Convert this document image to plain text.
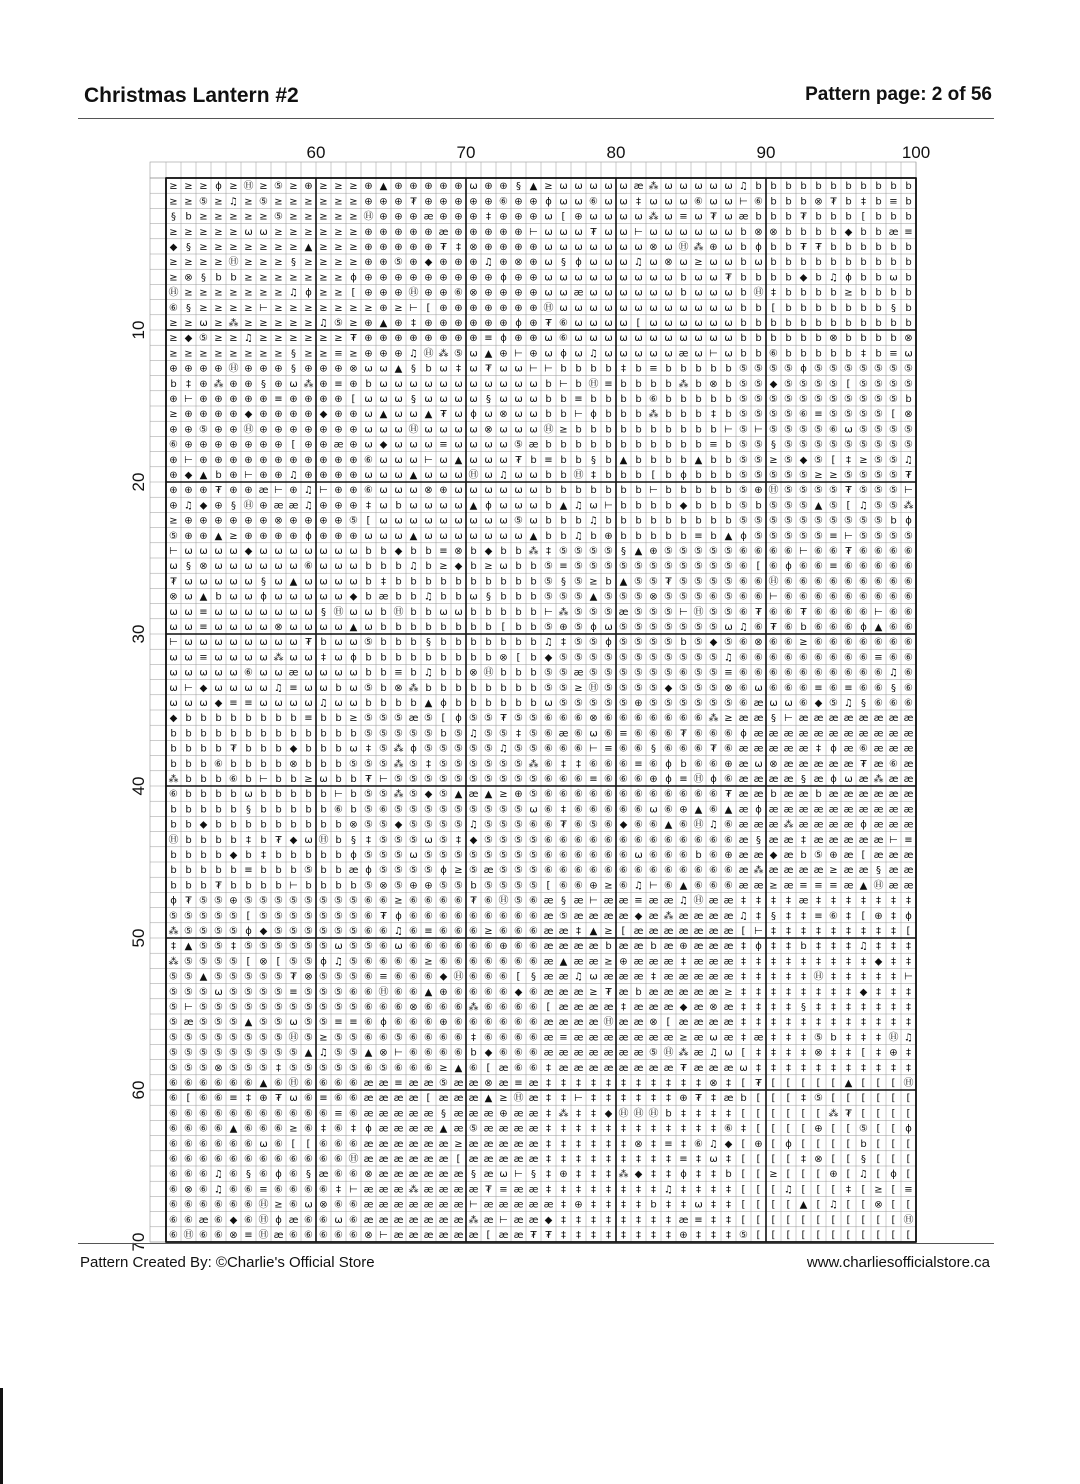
Christmas Lantern #2	Pattern page: 2 of 56
≥ ≥ ≥ ɸ ≥ Ⓗ ≥ ⑤ ≥ ⊕ ≥ ≥ ≥ ⊕ ▲ ⊕ ⊕ ⊕ ⊕ ⊕ ω ⊕ ⊕ § ▲ ≥ ω ω ω ω ω æ ⁂ ω ω ω ω ω ♫ b b b b b b b b b b b
≥ ≥ ⑤ ≥ ♫ ≥ ⑤ ≥ ≥ ≥ ≥ ≥ ≥ ⊕ ⊕ ⊕ ₮ ⊕ ⊕ ⊕ ⊕ ⊕ ⑥ ⊕ ⊕ ɸ ω ω ⑥ ω ω ‡ ω ω ω ⑥ ω ω ⊢ ⑥ b b b ⊗ ₮ b ‡ b ≡ b
§ b ≥ ≥ ≥ ≥ ≥ ⑤ ≥ ≥ ≥ ≥ ≥ Ⓗ ⊕ ⊕ ⊕ æ ⊕ ⊕ ⊕ ‡ ⊕ ⊕ ⊕ ω [ ⊕ ω ω ω ω ⁂ ω ≡ ω ₮ ω æ b b b ₮ b b b [ b b b
≥ ≥ ≥ ≥ ≥ ω ω ≥ ≥ ≥ ≥ ≥ ≥ ⊕ ⊕ ⊕ ⊕ ⊕ æ ⊕ ⊕ ⊕ ⊕ ⊕ ⊢ ω ω ω ₮ ω ω ⊢ ω ω ω ω ω ω b ⊗ ⊗ b b b b ◆ b b æ ≡
◆ § ≥ ≥ ≥ ≥ ≥ ≥ ≥ ▲ ≥ ≥ ≥ ⊕ ⊕ ⊕ ⊕ ⊕ ₮ ‡ ⊗ ⊕ ⊕ ⊕ ⊕ ω ω ω ω ω ω ω ⊗ ω Ⓗ ⁂ ⊕ ω b ɸ b b ₮ ₮ b b b b b b
≥ ≥ ≥ ≥ Ⓗ ≥ ≥ ≥ § ≥ ≥ ≥ ≥ ⊕ ⊕ ⑤ ⊕ ◆ ⊕ ⊕ ⊕ ♫ ⊕ ⊗ ⊕ ω § ɸ ω ω ω ♫ ω ⊗ ω ≥ ω ω b ω b b b b b b b b b b
≥ ⊗ § b b ≥ ≥ ≥ ≥ ≥ ≥ ≥ ɸ ⊕ ⊕ ⊕ ⊕ ⊕ ⊕ ⊕ ⊕ ⊕ ɸ ⊕ ⊕ ω ω ω ω ω ω ω ω ω b ω ω ₮ b b b b ◆ b ♫ ɸ b b ω b
Ⓗ ≥ ≥ ≥ ≥ ≥ ≥ ≥ ♫ ɸ ≥ ≥ [ ⊕ ⊕ ⊕ Ⓗ ⊕ ⊕ ⑥ ⊗ ⊕ ⊕ ⊕ ⊕ ω ω æ ω ω ω ω ω ω b ω ω ω b Ⓗ ‡ b b b b ≥ b b b b
⑥ § ≥ ≥ ≥ ≥ ⊢ ≥ ≥ ≥ ≥ ≥ ≥ ≥ ⊕ ≥ ⊢ [ ⊕ ⊕ ⊕ ⊕ ⊕ ⊕ ⊕ Ⓗ ω ω ω ω ω ω ω ω ω ω ω ω b b [ b b b b b b b § b
≥ ≥ ω ≥ ⁂ ≥ ≥ ≥ ≥ ≥ ♫ ⑤ ≥ ⊕ ▲ ⊕ ‡ ⊕ ⊕ ⊕ ⊕ ⊕ ⊕ ɸ ⊕ ₮ ⑥ ω ω ω ω [ ω ω ω ω ω ω b b b b b b b b b b b b
≥ ◆ ⑤ ≥ ≥ ♫ ≥ ≥ ≥ ≥ ≥ ≥ ₮ ⊕ ⊕ ⊕ ⊕ ⊕ ⊕ ⊕ ⊕ ≡ ɸ ⊕ ⊕ ω ⑥ ω ω ω ω ω ω ω ω ω ω ω b b b b b b ⊗ b b b b ⊗
≥ ≥ ≥ ≥ ≥ ≥ ≥ ≥ § ≥ ≥ ≡ ≥ ⊕ ⊕ ⊕ ♫ Ⓗ ⁂ ⑤ ω ▲ ⊕ ⊢ ⊕ ω ɸ ω ♫ ω ω ω ω ω æ ω ⊢ ω b b ⑥ b b b b b ‡ b ≡ ω
⊕ ⊕ ⊕ ⊕ Ⓗ ⊕ ⊕ ⊕ § ⊕ ⊕ ⊕ ⊗ ω ω ▲ § b ω ‡ ω ₮ ω ω ⊢ ⊢ b b b b ‡ b ≡ b b b b b ⑤ ⑤ ⑤ ⑤ ɸ ⑤ ⑤ ⑤ ⑤ ⑤ ⑤ ⑤
b ‡ ⊕ ⁂ ⊕ ⊕ § ⊕ ω ⁂ ⊕ ≡ ⊕ b ω ω ω ω ω ω ω ω ω ω ω b ⊢ b Ⓗ ≡ b b b b ⁂ b ⊗ b ⑤ ⑤ ◆ ⑤ ⑤ ⑤ ⑤ [ ⑤ ⑤ ⑤ ⑤
⊕ ⊢ ⊕ ⊕ ⊕ ⊕ ⊕ ≡ ⊕ ⊕ ⊕ ⊕ [ ω ω ω § ω ω ω ω § ω ω ω b b ≡ b b b b ⑥ b b b b b ⑤ ⑤ ⑤ ⑤ ⑤ ⑤ ⑤ ⑤ ⑤ ⑤ ⑤ b
≥ ⊕ ⊕ ⊕ ⊕ ◆ ⊕ ⊕ ⊕ ⊕ ◆ ⊕ ⊕ ω ▲ ω ω ▲ ₮ ω ɸ ω ⊗ ω ω b b ⊢ ɸ b b b ⁂ b b b ‡ b ⑤ ⑤ ⑤ ⑤ ⑥ ≡ ⑤ ⑤ ⑤ ⑤ [ ⊗
⊕ ⊕ ⑤ ⊕ ⊕ Ⓗ ⊕ ⊕ ⊕ ⊕ ⊕ ⊕ ⊕ ω ω ω Ⓗ ω ω ω ω ⊗ ω ω ω Ⓗ ≥ b b b b b b b b b b ⊢ ⑤ ⊢ ⑤ ⑤ ⑤ ⑤ ⑥ ω ⑤ ⑤ ⑤ ⑤
⑥ ⊕ ⊕ ⊕ ⊕ ⊕ ⊕ ⊕ [ ⊕ ⊕ æ ⊕ ω ◆ ω ω ω ≡ ω ω ω ω ⑤ æ b b b b b b b b b b b ≡ b ⑤ ⑤ § ⑤ ⑤ ⑤ ⑤ ⑤ ⑤ ⑤ ⑤ ⑤
⊕ ⊢ ⊕ ⊕ ⊕ ⊕ ⊕ ⊕ ⊕ ⊕ ⊕ ⊕ ⊕ ⑥ ω ω ω ⊢ ω ▲ ω ω ω ₮ b ≡ b b § b ▲ b b b b ▲ b b ⑤ ⑤ ≥ ⑤ ◆ ⑤ [ ‡ ≥ ⑤ ⑤ ♫
⊕ ◆ ▲ b ⊕ ⊢ ⊕ ⊕ ♫ ⊕ ⊕ ⊕ ⊕ ω ω ω ▲ ω ω ω Ⓗ ω ♫ ω ω b b Ⓗ ‡ b b b [ b ɸ b b b ⑤ ⑤ ⑤ ⑤ ⑤ ≥ ≥ ⑤ ⑤ ⑤ ⑤ ₮
⊕ ⊕ ⊕ ₮ ⊕ ⊕ æ ⊢ ⊕ ♫ ⊢ ⊕ ⊕ ⑥ ω ω ω ⊗ ⊕ ω ω ω ω ω ω b b b b b b b ⊢ b b b b b ⑤ ⊕ Ⓗ ⑤ ⑤ ⑤ ⑤ ₮ ⑤ ⑤ ⑤ ⊢
⊕ ♫ ◆ ⊕ § Ⓗ ⊕ æ æ ♫ ⊕ ⊕ ⊕ ‡ ω b ω ω ω ω ▲ ɸ ω ω ω b ▲ ♫ ω ⊢ b b b b ◆ b b b ⑤ b ⑤ ⑤ ⑤ ▲ ⑤ [ ♫ ⑤ ⑤ ⁂
≥ ⊕ ⊕ ⊕ ⊕ ⊕ ⊕ ⊗ ⊕ ⊕ ⊕ ⊕ ⑤ [ ω ω ω ω ω ω ω ω ω ⑤ ω b b b ♫ b b b b b b b b b ⑤ ⑤ ⑤ ⑤ ⑤ ⑤ ⑤ ⑤ ⑤ ⑤ b ɸ
⑤ ⊕ ⊕ ▲ ≥ ⊕ ⊕ ⊕ ⊕ ɸ ⊕ ⊕ ⊕ ω ω ω ▲ ω ω ω ω ω ω ω ▲ b b ♫ b ⊕ b b b b b ≡ b ▲ ɸ ⑤ ⑤ ⑤ ⑤ ⑤ ≡ ⊢ ⑤ ⑤ ⑤ ⑤
⊢ ω ω ω ω ◆ ω ω ω ω ω ω ω b b ◆ b b ≡ ⊗ b ◆ b b ⁂ ‡ ⑤ ⑤ ⑤ ⑤ § ▲ ⊕ ⑤ ⑤ ⑤ ⑤ ⑤ ⑥ ⑥ ⑥ ⑥ ⊢ ⑥ ⑥ ₮ ⑥ ⑥ ⑥ ⑥
ω § ⊗ ω ω ω ω ω ω ⑥ ω ω ω b b b ♫ b ≥ ◆ b ≥ ω b b ⑤ ≡ ⑤ ⑤ ⑤ ⑤ ⑤ ⑤ ⑤ ⑤ ⑤ ⑤ ⑤ ⑥ [ ⑥ ɸ ⑥ ⑥ ≡ ⑥ ⑥ ⑥ ⑥ ⑥
₮ ω ω ω ω ω § ω ▲ ω ω ω ω b ‡ b b b b b b b b b b ⑤ § ⑤ ≥ b ▲ ⑤ ⑤ ₮ ⑤ ⑤ ⑤ ⑤ ⑥ ⑥ Ⓗ ⑥ ⑥ ⑥ ⑥ ⑥ ⑥ ⑥ ⑥ ⑥
⊗ ω ▲ b ω ω ɸ ω ω ω ω ω ◆ b æ b b ♫ b b ω § b b b ⑤ ⑤ ⑤ ▲ ⑤ ⑤ ⑤ ⊗ ⑤ ⑤ ⑤ ⑥ ⑤ ⑥ ⑥ ⊢ ⑥ ⑥ ⑥ ⑥ ⑥ ⑥ ⑥ ⑥ ⑥
ω ω ≡ ω ω ω ω ω ω ω § Ⓗ ω ω b Ⓗ b b ω ω b b b b b ⊢ ⁂ ⑤ ⑤ ⑤ æ ⑤ ⑤ ⑤ ⊢ Ⓗ ⑤ ⑤ ⑥ ₮ ⑥ ⑥ ₮ ⑥ ⑥ ⑥ ⑥ ⊢ ⑥ ⑥
ω ω ≡ ω ω ω ω ⊗ ω ω ω ω ▲ ω b b b b b b b b [ b b ⑤ ⊕ ⑤ ɸ ω ⑤ ⑤ ⑤ ⑤ ⑤ ⑤ ⑤ ω ♫ ⑥ ₮ ⑥ b ⑥ ⑥ ⑥ ɸ ▲ ⑥ ⑥
⊢ ω ω ω ω ω ω ω ω ₮ b ω ω ⑤ b b b § b b b b b b b ♫ ‡ ⑤ ⑤ ɸ ⑤ ⑤ ⑤ ⑤ b ⑤ ◆ ⑤ ⑥ ⊗ ⑥ ⑥ ≥ ⑥ ⑥ ⑥ ⑥ ⑥ ⑥ ⑥
ω ω ≡ ω ω ω ω ⁂ ω ω ‡ ω ɸ b b b b b b b b b ⊗ [ b ◆ ⑤ ⑤ ⑤ ⑤ ⑤ ⑤ ⑤ ⑤ ⑤ ⑤ ⑤ ♫ ⑥ ⑥ ⑥ ⑥ ⑥ ⑥ ⑥ ⑥ ⑥ ≡ ⑥ ⑥
ω ω ω ω ω ⑥ ω ω æ ω ω ω ω b b ≡ b ♫ b b ⊗ Ⓗ b b b ⑤ ⑤ æ ⑤ ⑤ ⑤ ⑤ ⑤ ⑤ ⑥ ⑤ ⑤ ≡ ⑥ ⑥ ⑥ ⑥ ⑥ ⑥ ⑥ ⑥ ⑥ ⑥ ♫ ⑥
ω ⊢ ◆ ω ω ω ω ♫ ≡ ω ω b ω ⑤ b ⊗ ⁂ b b b b b b b b ⑤ ⑤ ≥ Ⓗ ⑤ ⑤ ⑤ ⑤ ◆ ⑤ ⑤ ⑤ ⊗ ⑥ ω ⑥ ⑥ ⑥ ≡ ⑥ ≡ ⑥ ⑥ § ⑥
ω ω ω ◆ ≡ ≡ ω ω ω ω ♫ ω ω b b b b ▲ ɸ b b b b b b ω ⑤ ⑤ ⑤ ⑤ ⑤ ⊕ ⑤ ⑤ ⑤ ⑤ ⑤ ⑤ ⑥ æ ω ω ⑥ ◆ ⑤ ♫ § ⑥ ⑥ ⑥
◆ b b b b b b b b ≡ b b ≥ ⑤ ⑤ ⑤ æ ⑤ [ ɸ ⑤ ⑤ ₮ ⑤ ⑤ ⑥ ⑥ ⑥ ⊗ ⑥ ⑥ ⑥ ⑥ ⑥ ⑥ ⑥ ⁂ ≥ æ æ § ⊢ æ æ æ æ æ æ æ æ
b b b b b b b b b b b b b ⑤ ⑤ ⑤ ⑤ ⑤ b ⑤ ♫ ⑤ ⑤ ‡ ⑤ ⑥ æ ⑥ ω ⑥ ≡ ⑥ ⑥ ⑥ ₮ ⑥ ⑥ ⑥ ɸ æ æ æ æ æ æ æ æ æ æ æ
b b b b ₮ b b b ◆ b b b ω ‡ ⑤ ⁂ ɸ ⑤ ⑤ ⑤ ⑤ ⑤ ♫ ⑤ ⑤ ⑥ ⑥ ⑥ ⊢ ≡ ⑥ ⑥ § ⑥ ⑥ ⑥ ₮ ⑥ æ æ æ æ æ ‡ ɸ æ ⑥ æ æ æ
b b b ⑥ b b b b ⊗ b b b ⑤ ⑤ ⑤ ⁂ ⑤ ‡ ⑤ ⑤ ⑤ ⑤ ⑤ ⑤ ⁂ ⑥ ‡ ‡ ⑥ ⑥ ⑥ ≡ ⑥ ɸ b ⑥ ⑥ ⊕ æ ω ⊗ æ æ æ æ æ ₮ æ ⑥ æ
⁂ b b b ⑥ b ⊢ b b ≥ ω b b ₮ ⊢ ⑤ ⑤ ⑤ ⑤ ⑤ ⑤ ⑤ ⑤ ⑤ ⑤ ⑥ ⑥ ⑥ ≡ ⑥ ⑥ ⑥ ⊕ ɸ ≡ Ⓗ ɸ ⑥ æ æ æ æ § æ ɸ ω æ ⁂ æ æ
⑥ b b b b ω b b b b b ⊢ b ⑤ ⑤ ⁂ ⑤ ◆ ⑤ ▲ æ ▲ ≥ ⊕ ⑤ ⑥ ⑥ ⑥ ⑥ ⑥ ⑥ ⑥ ⑥ ⑥ ⑥ ⑥ ⑥ ₮ æ æ b æ æ b æ æ æ æ æ æ
b b b b b § b b b b b ⑥ b ⑤ ⑥ ⑤ ⑤ ⑤ ⑤ ⑤ ⑤ ⑤ ⑤ ⑤ ω ⑥ ‡ ⑥ ⑥ ⑥ ⑥ ⑥ ω ⑥ ⊕ ▲ ⑥ ▲ æ ɸ æ æ æ æ æ æ æ æ æ æ
b b ◆ b b b b b b b b b ⊗ ⑤ ⑤ ◆ ⑤ ⑤ ⑤ ⑤ ♫ ⑤ ⑤ ⑤ ⑥ ⑥ ₮ ⑥ ⑤ ⑥ ◆ ⑥ ⑥ ▲ ⑥ Ⓗ ♫ ⑥ æ æ æ ⁂ æ æ æ æ ɸ æ æ æ
Ⓗ b b b b ‡ b ₮ ◆ ω Ⓗ b § ‡ ⑤ ⑤ ⑤ ω ⑤ ‡ ◆ ⑤ ⑤ ⑤ ⑤ ⑥ ⑥ ⑥ ⑥ ⑥ ⑥ ⑥ ⑥ ⑥ ⑥ ⑥ ⑥ ⑥ æ § æ æ ‡ æ æ æ æ æ ⊢ ≡
b b b b ◆ b ‡ b b b b b ɸ ⑤ ⑤ ⑤ ω ⑤ ⑤ ⑤ ⑤ ⑤ ⑤ ⑤ ⑤ ⑥ ⑥ ⑥ ⑥ ⑥ ⑥ ω ⑥ ⑥ ⑥ b ⑥ ⊕ æ æ ◆ æ b ⑤ ⊕ æ [ æ æ æ
b b b b b ≡ b b b ⑤ b b æ ɸ ⑤ ⑤ ⑤ ⑤ ɸ ≥ ⑤ æ ⑤ ⑤ ⑤ ⑥ ⑥ ⑥ ⑥ ⑥ ⑥ ⑥ ⑥ ⑥ ⑥ ⑥ ⑥ ⑥ æ ⁂ æ æ æ æ ≥ æ æ § æ æ
b b b ₮ b b b b ⊢ b b b b ⑤ ⊗ ⑤ ⊕ ⊕ ⑤ ⑤ b ⑤ ⑤ ⑤ ⑤ [ ⑥ ⑥ ⊕ ≥ ⑥ ♫ ⊢ ⑥ ▲ ⑥ ⑥ ⑥ æ æ ≥ æ ≡ ≡ ≡ æ ▲ Ⓗ æ æ
ɸ ₮ ⑤ ⑤ ⊕ ⑤ ⑤ ⑤ ⑤ ⑤ ⑤ ⑤ ⑤ ⑥ ⑥ ≥ ⑥ ⑥ ⑥ ⑥ ₮ ⑥ Ⓗ ⑤ ⑥ æ § æ ⊢ æ æ ≡ æ æ ♫ Ⓗ æ æ ‡ ‡ ‡ ‡ æ ‡ ‡ ‡ ‡ ‡ ‡ ‡
⑤ ⑤ ⑤ ⑤ ⑤ [ ⑤ ⑤ ⑤ ⑤ ⑤ ⑤ ⑤ ⑥ ₮ ɸ ⑥ ⑥ ⑥ ⑥ ⑥ ⑥ ⑥ ⑥ ⑥ æ ⑤ æ æ æ æ ◆ æ ⁂ æ æ æ æ ♫ ‡ § ‡ ‡ ≡ ⑥ ‡ [ ⊕ ‡ ɸ
⁂ ⑤ ⑤ ⑤ ⑤ ɸ ◆ ⑤ ⑤ ⑤ ⑤ ⑤ ⑤ ⑥ ⑥ ♫ ⑥ ≡ ⑥ ⑥ ⑥ ≥ ⑥ ⑥ ⑥ æ æ ‡ ▲ ≥ [ æ æ æ æ æ æ æ [ ⊢ ‡ ‡ ‡ ‡ ‡ ‡ ‡ ‡ ‡ [
‡ ▲ ⑤ ⑤ ‡ ⑤ ⑤ ⑤ ⑤ ⑤ ⑤ ω ⑤ ⑤ ⑥ ω ⑥ ⑥ ⑥ ⑥ ⑥ ⑥ ⊕ ⑥ ⑥ æ æ æ æ b æ æ b æ ⊕ æ æ æ ‡ ɸ ‡ ‡ b ‡ ‡ ‡ ♫ ‡ ‡ ‡
⁂ ⑤ ⑤ ⑤ ⑤ [ ⊗ [ ⑤ ⑤ ɸ ♫ ⑤ ⑥ ⑥ ⑥ ⑥ ≥ ⑥ ⑥ ⑥ ⑥ ⑥ ⑥ ⑥ æ ▲ æ æ ≥ ⊕ æ æ æ ‡ æ æ æ ‡ ‡ ‡ ‡ ‡ ‡ ‡ ‡ ‡ ◆ ‡ ‡
⑤ ⑤ ▲ ⑤ ⑤ ⑤ ⑤ ⑤ ₮ ⊗ ⑤ ⑤ ⑤ ⑥ ≡ ⑥ ⑥ ⑥ ◆ Ⓗ ⑥ ⑥ ⑥ [ § æ æ ♫ ω æ æ æ ‡ æ æ æ æ æ ‡ ‡ ‡ ‡ ‡ Ⓗ ‡ ‡ ‡ ‡ ‡ ⊢
⑤ ⑤ ⑤ ω ⑤ ⑤ ⑤ ⑤ ≡ ⑤ ⑤ ⑤ ⑥ ⑥ Ⓗ ⑥ ⑥ ▲ ⊕ ⑥ ⑥ ⑥ ⑥ ◆ ⑥ æ æ æ ≥ ₮ æ b æ æ æ æ æ ≥ ‡ ‡ ‡ ‡ ‡ ‡ ‡ ‡ ◆ ‡ ‡ ‡
⑤ ⊢ ⑤ ⑤ ⑤ ⑤ ⑤ ⑤ ⑤ ⑤ ⑤ ⑤ ⑤ ⑥ ⑥ ⑥ ⊗ ⑥ ⑥ ⑥ ⁂ ⑥ ⑥ ⑥ ⑥ [ æ æ æ æ ‡ æ æ æ ◆ æ ⊗ æ ‡ ‡ ‡ ‡ § ‡ ‡ ‡ ‡ ‡ ‡ ‡
⑤ æ ⑤ ⑤ ⑤ ▲ ⑤ ⑤ ω ⑤ ⑤ ≡ ≡ ⑥ ɸ ⑥ ⑥ ⑥ ⊕ ⑥ ⑥ ⑥ ⑥ ⑥ ⑥ æ æ æ æ Ⓗ æ æ ⊗ [ æ æ æ æ ‡ ‡ ‡ ‡ ‡ ‡ ‡ ‡ ‡ ‡ ‡ ‡
⑤ ⑤ ⑤ ⑤ ⑤ ⑤ ⑤ ⑤ Ⓗ ⑤ ≥ ⑤ ⑤ ⑥ ⑥ ⑤ ⑥ ⑥ ⑥ ⑥ ‡ ⑥ ⑥ ⑥ ⑥ æ ≡ æ æ æ æ æ æ æ ≥ æ ω æ ‡ æ ‡ ‡ ‡ ⑤ b ‡ ‡ ‡ Ⓗ ♫
⑤ ⑤ ⑤ ⑤ ⑤ ⑤ ⑤ ⑤ ⑤ ▲ ♫ ⑤ ⑤ ▲ ⊗ ⊢ ⑥ ⑥ ⑥ ⑥ b ◆ ⑥ ⑥ ⑥ æ æ æ æ æ æ æ ⑤ Ⓗ ⁂ æ ♫ ω [ ‡ ‡ ‡ ‡ ⊗ ‡ ‡ [ ‡ ⊕ ‡
⑤ ⑤ ⑤ ⊗ ⑤ ⑤ ⑤ ‡ ⑤ ⑤ ⑤ ⑤ ⑤ ⑥ ⑤ ⑥ ⑥ ⑥ ≥ ▲ ⑥ [ æ ⑥ ⑥ ‡ æ æ æ æ æ æ æ æ ₮ æ æ æ ω ‡ ‡ ‡ ‡ ‡ ‡ ‡ ‡ ‡ ‡ ‡
⑥ ⑥ ⑥ ⑥ ⑥ ⑥ ▲ ⑥ Ⓗ ⑥ ⑥ ⑥ ⑥ æ æ ≡ æ æ ⑤ æ æ ⊗ æ ≡ æ ‡ ‡ ‡ ‡ ‡ ‡ ‡ ‡ ‡ ‡ ‡ ⊗ ‡ [ ₮ [ [ [ [ [ ▲ [ [ [ Ⓗ
⑥ [ ⑥ ⑥ ≡ ‡ ⊕ ₮ ω ⑥ ≡ ⑥ ⑥ æ æ æ æ [ æ æ æ ▲ ≥ Ⓗ æ ‡ ‡ ⊢ ‡ ‡ ‡ ‡ ‡ ‡ ⊕ ₮ ‡ æ b [ [ [ ‡ ⑤ [ [ [ [ [ [
⑥ ⑥ ⑥ ⑥ ⑥ ⑥ ⑥ ⑥ ⑥ ⑥ ⑥ ≡ ⑥ æ æ æ æ æ § æ æ æ ⊕ æ æ ‡ ⁂ ‡ ‡ ◆ Ⓗ Ⓗ Ⓗ b ‡ ‡ ‡ ‡ [ [ [ [ [ [ ⁂ ₮ [ [ [ [
⑥ ⑥ ⑥ ⑥ ▲ ⑥ ⑥ ⑥ ≥ ⑥ ‡ ⑥ ‡ ɸ æ æ æ æ ▲ æ ⑤ æ æ æ æ ‡ ‡ ‡ ‡ ‡ ‡ ‡ ‡ ‡ ‡ ‡ ‡ ⑥ ‡ [ [ [ [ ⊕ [ [ ⑤ [ [ ɸ
⑥ ⑥ ⑥ ⑥ ⑥ ⑥ ω ⑥ [ [ ⑥ ⑥ ⑥ æ æ æ æ æ æ ≥ æ æ æ æ æ ‡ ‡ ‡ ‡ ‡ ‡ ⊗ ‡ ≡ ‡ ⑥ ♫ ◆ [ ⊕ [ ɸ [ [ [ [ b [ [ [
⑥ ⑥ ⑥ ⑥ ⑥ ⑥ ⑥ ⑥ ⑥ ⑥ ⑥ ⑥ Ⓗ æ æ æ æ æ æ [ æ æ æ æ æ ‡ ‡ ‡ ‡ ‡ ‡ ‡ ‡ ‡ ≡ ‡ ω ‡ [ [ [ [ ‡ ⊗ [ [ § [ [ [
⑥ ⑥ ⑥ ♫ ⑥ § ⑥ ɸ ⑥ § æ ⑥ ⑥ ⊗ æ æ æ æ æ æ § æ ω ⊢ § ‡ ⊕ ‡ ‡ ‡ ⁂ ◆ ‡ ‡ ɸ ‡ ‡ b [ [ ≥ [ [ [ ⊕ [ ♫ [ ɸ [
⑥ ⊗ ⑥ ♫ ⑥ ⑥ ≡ ⑥ ⑥ ⑥ ⑥ ‡ ⊢ æ æ æ ⁂ æ æ æ æ ₮ ≡ æ æ ‡ ‡ ‡ ‡ ‡ ‡ ‡ ‡ ♫ ‡ ‡ ‡ ‡ [ [ [ ♫ [ [ [ ‡ [ ≥ [ ≡
⑥ ⑥ ⑥ ⑥ ⑥ ⑥ Ⓗ ≥ ⑥ ω ⊗ ⑥ ⑥ æ æ æ æ æ æ æ ⊢ æ æ æ æ æ ‡ ⊕ ‡ ‡ ‡ ‡ b ‡ ‡ ω ‡ ‡ [ [ [ [ ▲ [ ♫ [ [ ⊗ [ [
⑥ ⑥ æ ⑥ ◆ ⑥ Ⓗ ɸ æ ⑥ ⑥ ω ⑥ æ æ æ æ æ æ æ ⁂ æ ⊢ æ æ ◆ ‡ ‡ ‡ ‡ ‡ ‡ ‡ ‡ æ ≡ ‡ ‡ [ [ [ [ [ [ [ [ [ [ [ Ⓗ
⑥ Ⓗ ⑥ ⑥ ⊗ ≡ Ⓗ æ ⑥ ⑥ ⑥ ⑥ ⑥ ⊗ ⊢ æ æ æ æ æ æ [ æ æ ₮ ₮ ‡ ‡ ‡ ‡ ‡ ‡ ‡ ‡ ⊕ ‡ ‡ ‡ ⑤ [ [ [ [ [ [ [ [ [ [ [
60	70	80	90	100
10
20
30
40
50
60
70
Pattern Created By: ©Charlie's Official Store	www.charliesofficialstore.ca
